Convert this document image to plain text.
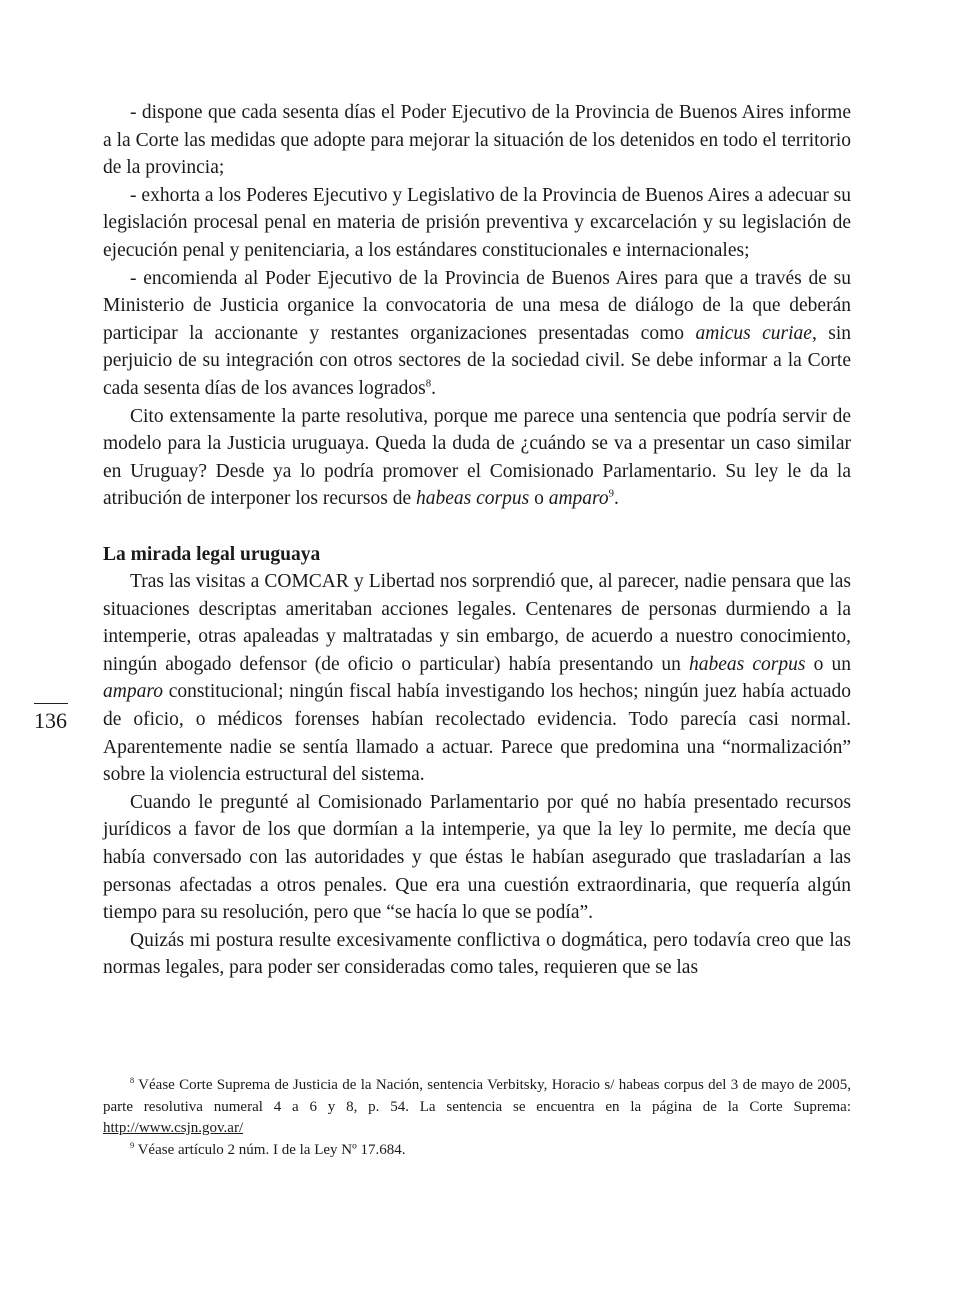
- dispone que cada sesenta días el Poder Ejecutivo de la Provincia de Buenos Aires informe a la Corte las medidas que adopte para mejorar la situación de los detenidos en todo el territorio de la provincia;

- exhorta a los Poderes Ejecutivo y Legislativo de la Provincia de Buenos Aires a adecuar su legislación procesal penal en materia de prisión preventiva y excarcelación y su legislación de ejecución penal y penitenciaria, a los estándares constitucionales e internacionales;

- encomienda al Poder Ejecutivo de la Provincia de Buenos Aires para que a través de su Ministerio de Justicia organice la convocatoria de una mesa de diálogo de la que deberán participar la accionante y restantes organizaciones presentadas como amicus curiae, sin perjuicio de su integración con otros sectores de la sociedad civil. Se debe informar a la Corte cada sesenta días de los avances logrados$^8$.

Cito extensamente la parte resolutiva, porque me parece una sentencia que podría servir de modelo para la Justicia uruguaya. Queda la duda de ¿cuándo se va a presentar un caso similar en Uruguay? Desde ya lo podría promover el Comisionado Parlamentario. Su ley le da la atribución de interponer los recursos de habeas corpus o amparo$^9$.

La mirada legal uruguaya

Tras las visitas a COMCAR y Libertad nos sorprendió que, al parecer, nadie pensara que las situaciones descriptas ameritaban acciones legales. Centenares de personas durmiendo a la intemperie, otras apaleadas y maltratadas y sin embargo, de acuerdo a nuestro conocimiento, ningún abogado defensor (de oficio o particular) había presentando un habeas corpus o un amparo constitucional; ningún fiscal había investigando los hechos; ningún juez había actuado de oficio, o médicos forenses habían recolectado evidencia. Todo parecía casi normal. Aparentemente nadie se sentía llamado a actuar. Parece que predomina una “normalización” sobre la violencia estructural del sistema.

Cuando le pregunté al Comisionado Parlamentario por qué no había presentado recursos jurídicos a favor de los que dormían a la intemperie, ya que la ley lo permite, me decía que había conversado con las autoridades y que éstas le habían asegurado que trasladarían a las personas afectadas a otros penales. Que era una cuestión extraordinaria, que requería algún tiempo para su resolución, pero que “se hacía lo que se podía”.

Quizás mi postura resulte excesivamente conflictiva o dogmática, pero todavía creo que las normas legales, para poder ser consideradas como tales, requieren que se las

136

$^8$ Véase Corte Suprema de Justicia de la Nación, sentencia Verbitsky, Horacio s/ habeas corpus del 3 de mayo de 2005, parte resolutiva numeral 4 a 6 y 8, p. 54. La sentencia se encuentra en la página de la Corte Suprema: http://www.csjn.gov.ar/

$^9$ Véase artículo 2 núm. I de la Ley Nº 17.684.
